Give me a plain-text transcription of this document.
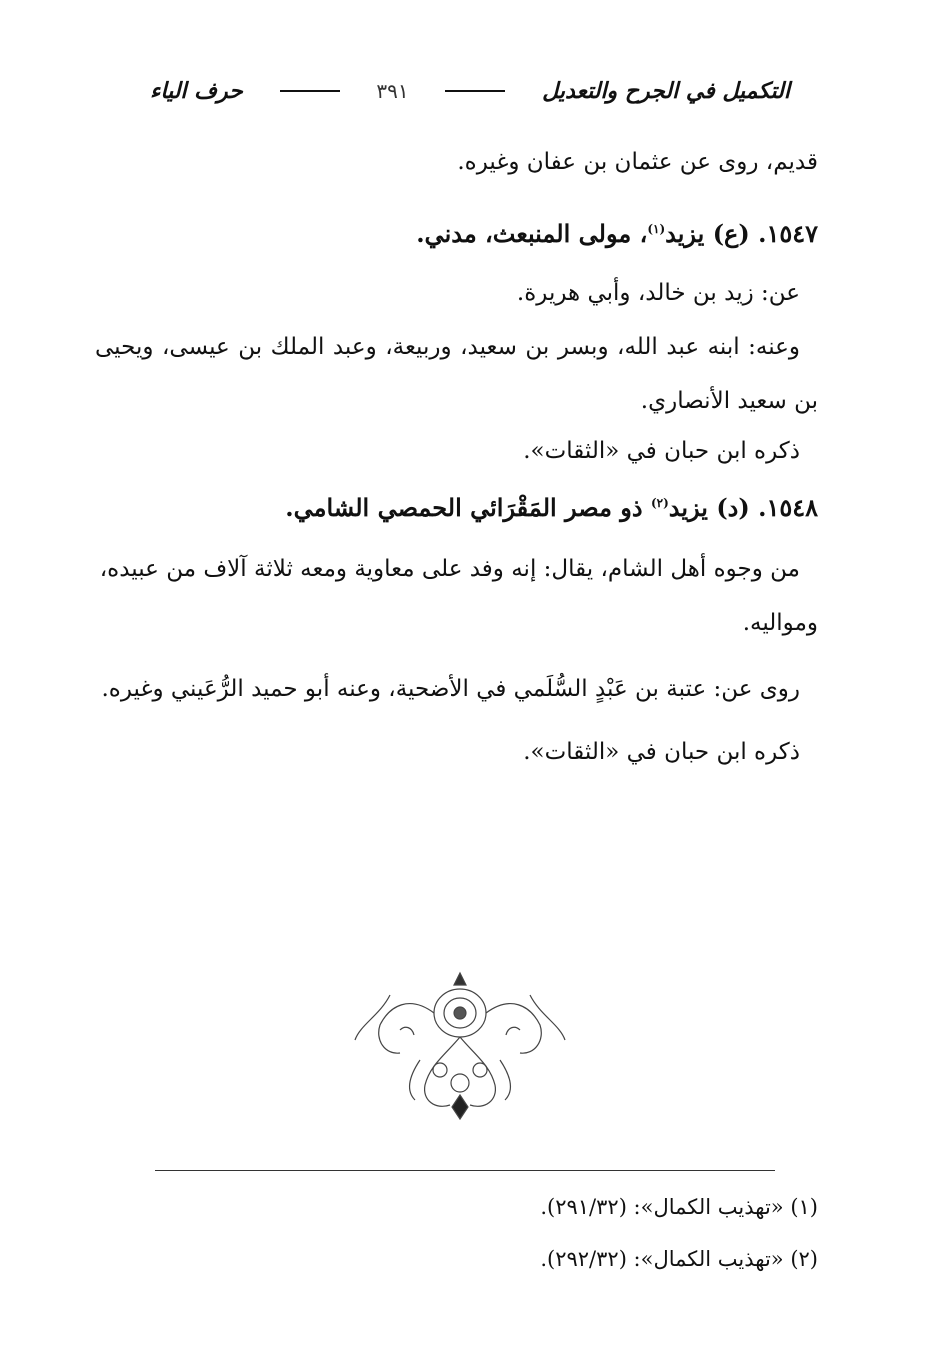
التكميل في الجرح والتعديل
٣٩١
حرف الياء
قديم، روى عن عثمان بن عفان وغيره.
١٥٤٧. (ع) يزيد$^{(١)}$، مولى المنبعث، مدني.
عن: زيد بن خالد، وأبي هريرة.
وعنه: ابنه عبد الله، وبسر بن سعيد، وربيعة، وعبد الملك بن عيسى، ويحيى
بن سعيد الأنصاري.
ذكره ابن حبان في «الثقات».
١٥٤٨. (د) يزيد$^{(٢)}$ ذو مصر المَقْرَائي الحمصي الشامي.
من وجوه أهل الشام، يقال: إنه وفد على معاوية ومعه ثلاثة آلاف من عبيده،
ومواليه.
روى عن: عتبة بن عَبْدٍ السُّلَمي في الأضحية، وعنه أبو حميد الرُّعَيني وغيره.
ذكره ابن حبان في «الثقات».
(١) «تهذيب الكمال»: (٢٩١/٣٢).
(٢) «تهذيب الكمال»: (٢٩٢/٣٢).
